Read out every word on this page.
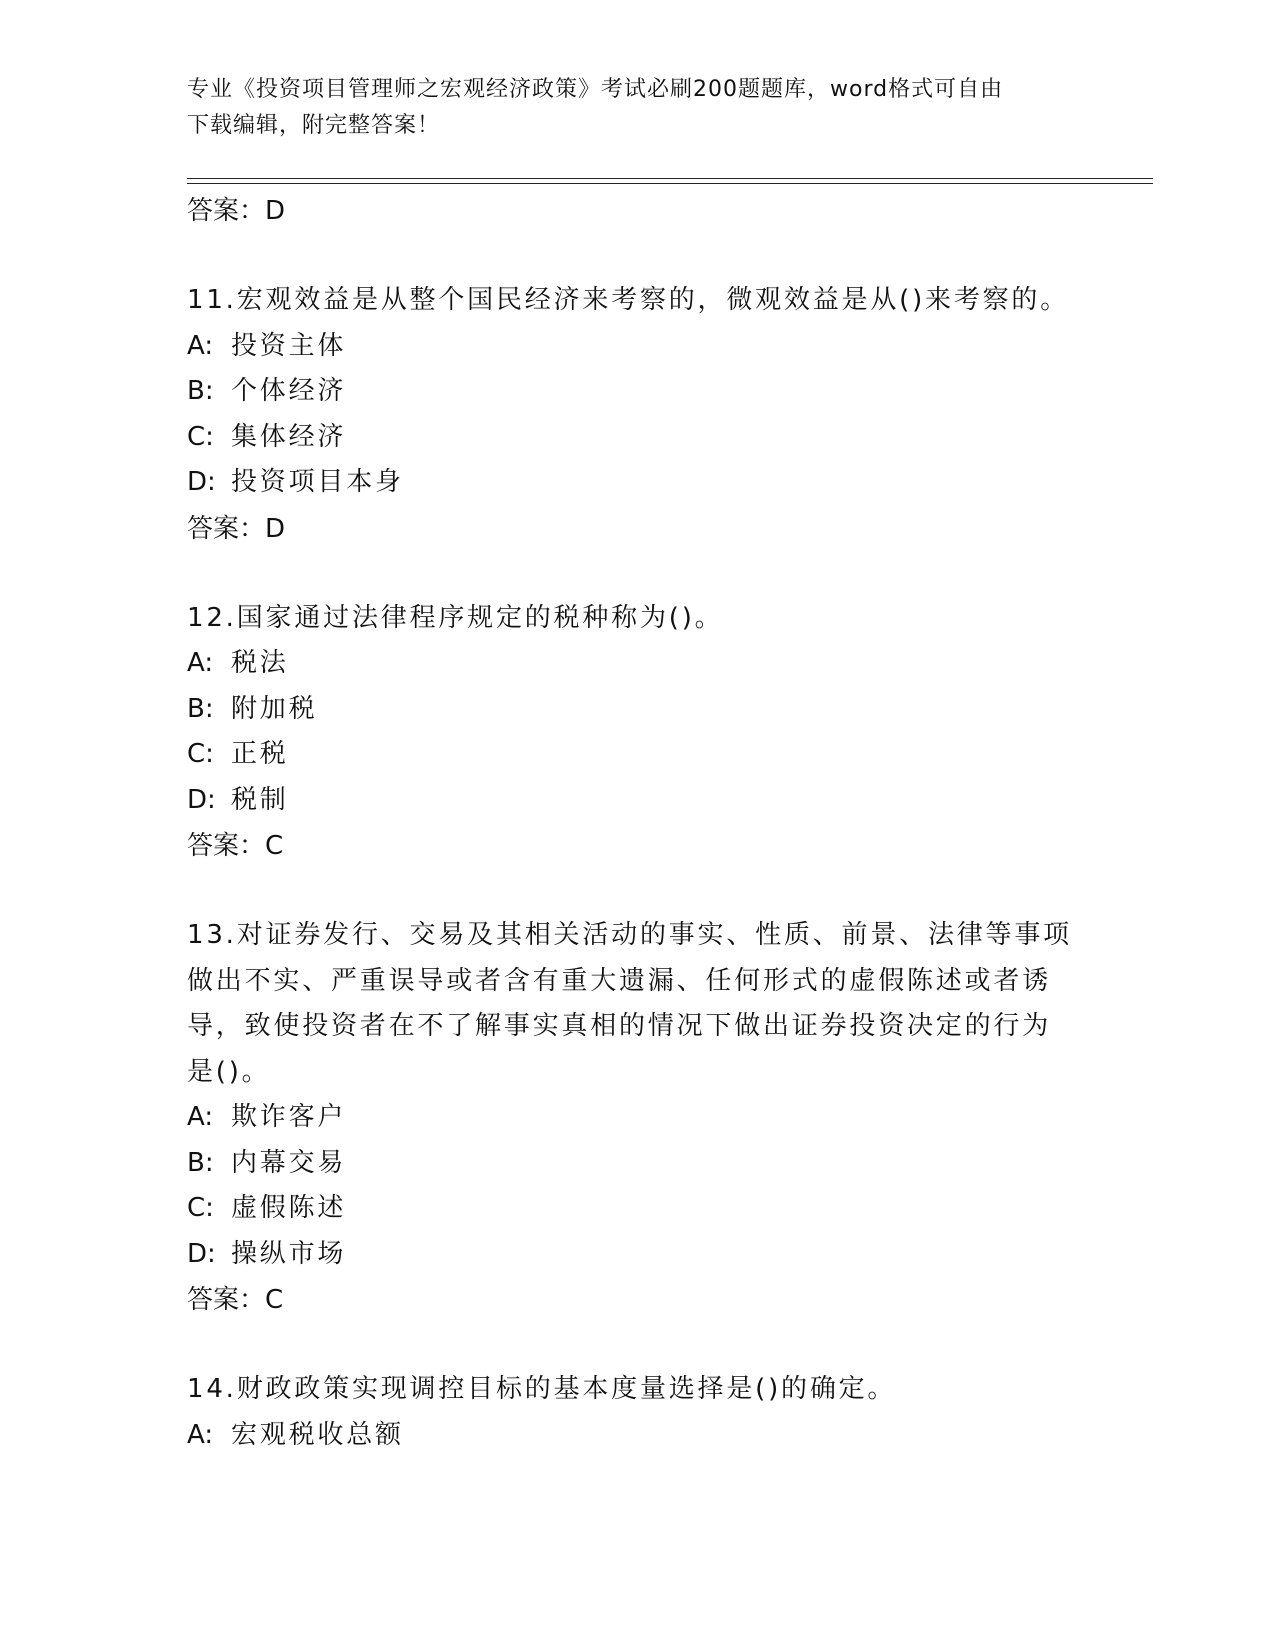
专业《投资项目管理师之宏观经济政策》考试必刷200题题库，word格式可自由
下载编辑，附完整答案！

答案：D

11.宏观效益是从整个国民经济来考察的，微观效益是从()来考察的。

A: 投资主体

B: 个体经济

C: 集体经济

D: 投资项目本身

答案：D

12.国家通过法律程序规定的税种称为()。

A: 税法

B: 附加税

C: 正税

D: 税制

答案：C

13.对证券发行、交易及其相关活动的事实、性质、前景、法律等事项

做出不实、严重误导或者含有重大遗漏、任何形式的虚假陈述或者诱

导，致使投资者在不了解事实真相的情况下做出证券投资决定的行为

是()。

A: 欺诈客户

B: 内幕交易

C: 虚假陈述

D: 操纵市场

答案：C

14.财政政策实现调控目标的基本度量选择是()的确定。

A: 宏观税收总额
